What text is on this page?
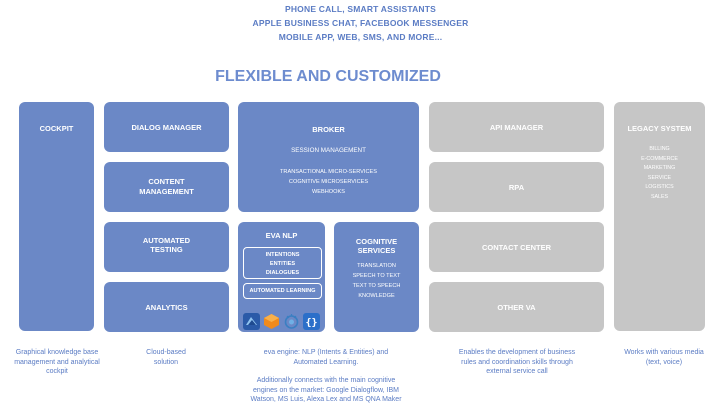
PHONE CALL, SMART ASSISTANTS
APPLE BUSINESS CHAT, FACEBOOK MESSENGER
MOBILE APP, WEB, SMS, AND MORE...
FLEXIBLE AND CUSTOMIZED
COCKPIT	DIALOG MANAGER
CONTENT
MANAGEMENT
AUTOMATED
TESTING
ANALYTICS
BROKER
SESSION MANAGEMENT
TRANSACTIONAL MICRO-SERVICES
COGNITIVE MICROSERVICES
WEBHOOKS
EVA NLP
INTENTIONS
ENTITIES
DIALOGUES
AUTOMATED LEARNING
{}
COGNITIVE
SERVICES
TRANSLATION
SPEECH TO TEXT
TEXT TO SPEECH
KNOWLEDGE
API MANAGER
RPA
CONTACT CENTER
OTHER VA
LEGACY SYSTEM
BILLING
E-COMMERCE
MARKETING
SERVICE
LOGISTICS
SALES
Graphical knowledge base
management and analytical
cockpit
Cloud-based
solution
eva engine: NLP (Intents & Entities) and
Automated Learning.
Additionally connects with the main cognitive
engines on the market: Google Dialogflow, IBM
Watson, MS Luis, Alexa Lex and MS QNA Maker
Enables the development of business
rules and coordination skills through
external service call
Works with various media
(text, voice)
